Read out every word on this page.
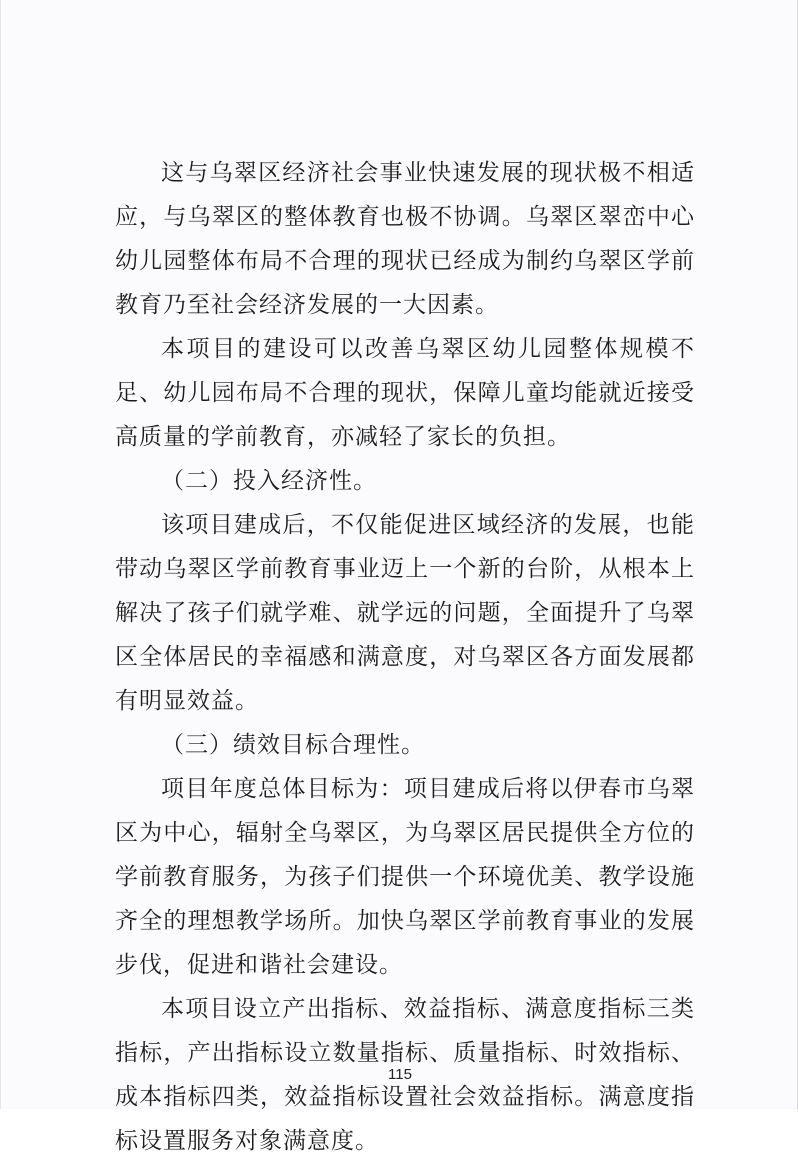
这与乌翠区经济社会事业快速发展的现状极不相适应，与乌翠区的整体教育也极不协调。乌翠区翠峦中心幼儿园整体布局不合理的现状已经成为制约乌翠区学前教育乃至社会经济发展的一大因素。

本项目的建设可以改善乌翠区幼儿园整体规模不足、幼儿园布局不合理的现状，保障儿童均能就近接受高质量的学前教育，亦减轻了家长的负担。

（二）投入经济性。

该项目建成后，不仅能促进区域经济的发展，也能带动乌翠区学前教育事业迈上一个新的台阶，从根本上解决了孩子们就学难、就学远的问题，全面提升了乌翠区全体居民的幸福感和满意度，对乌翠区各方面发展都有明显效益。

（三）绩效目标合理性。

项目年度总体目标为：项目建成后将以伊春市乌翠区为中心，辐射全乌翠区，为乌翠区居民提供全方位的学前教育服务，为孩子们提供一个环境优美、教学设施齐全的理想教学场所。加快乌翠区学前教育事业的发展步伐，促进和谐社会建设。

本项目设立产出指标、效益指标、满意度指标三类指标，产出指标设立数量指标、质量指标、时效指标、成本指标四类，效益指标设置社会效益指标。满意度指标设置服务对象满意度。

115
